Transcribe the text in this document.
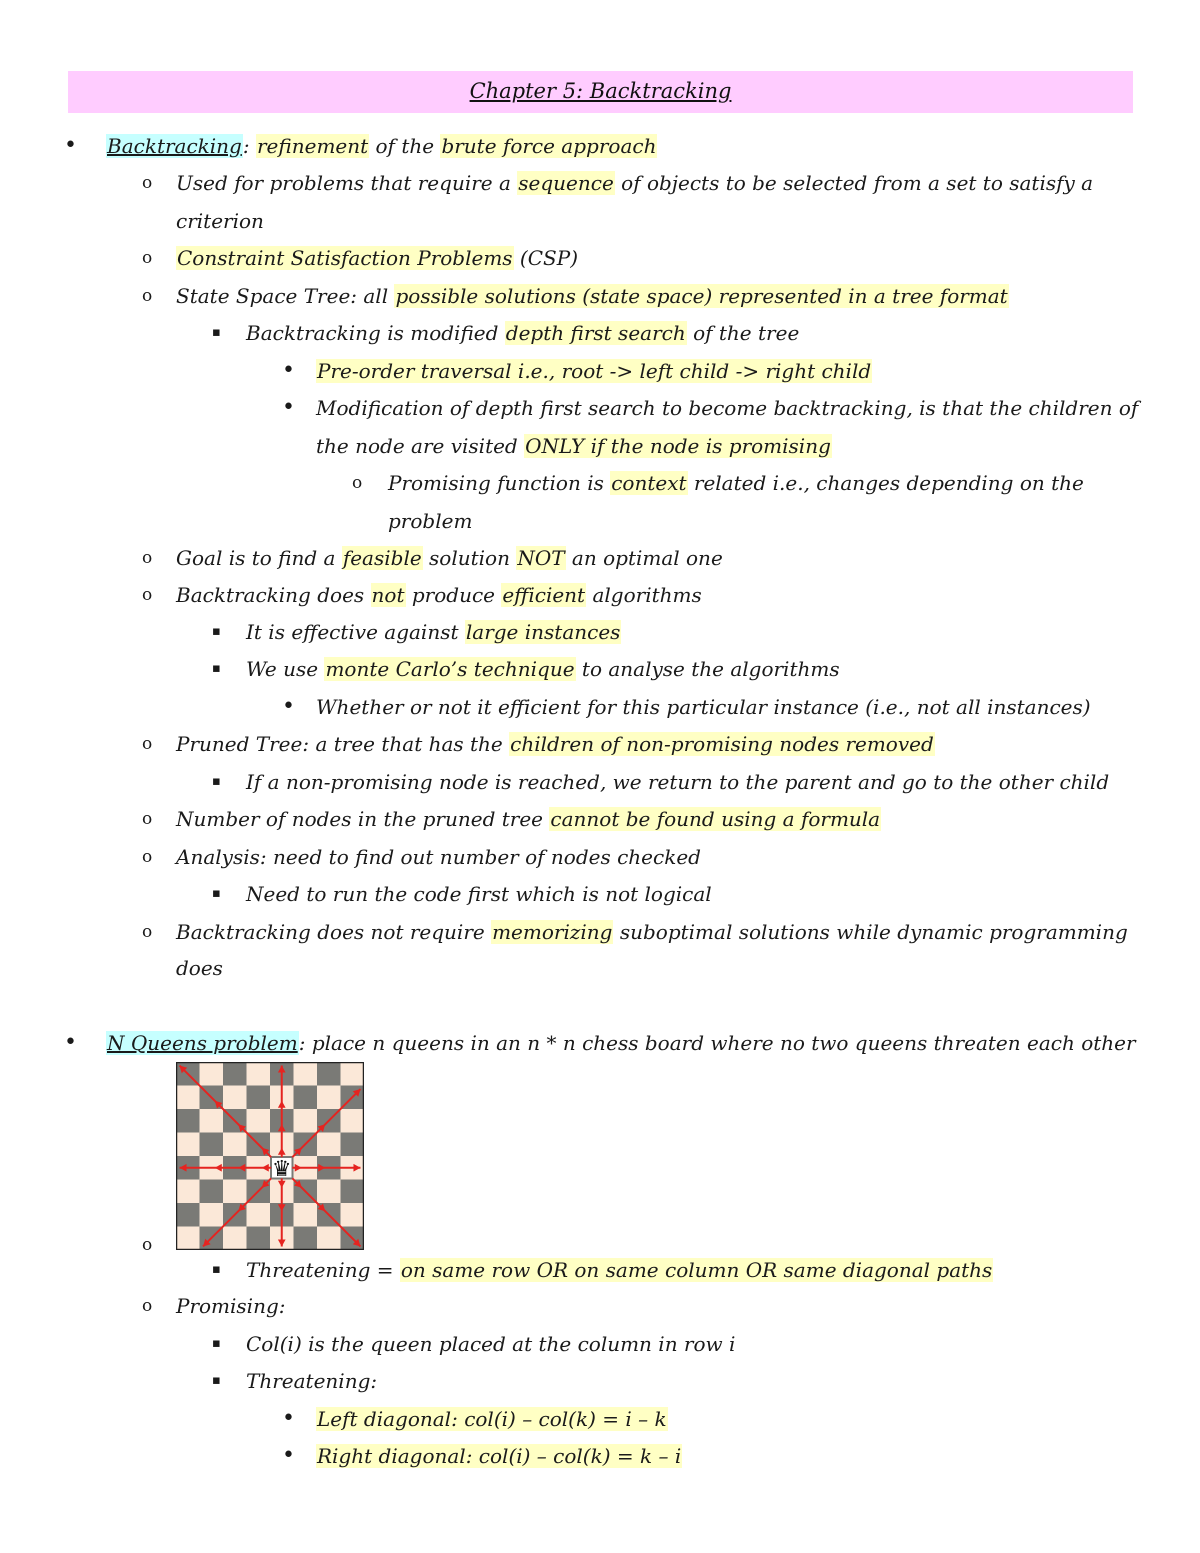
Chapter 5: Backtracking
• Backtracking: refinement of the brute force approach
o Used for problems that require a sequence of objects to be selected from a set to satisfy a
criterion
o Constraint Satisfaction Problems (CSP)
o State Space Tree: all possible solutions (state space) represented in a tree format
▪ Backtracking is modified depth first search of the tree
• Pre-order traversal i.e., root -> left child -> right child
• Modification of depth first search to become backtracking, is that the children of
the node are visited ONLY if the node is promising
o Promising function is context related i.e., changes depending on the
problem
o Goal is to find a feasible solution NOT an optimal one
o Backtracking does not produce efficient algorithms
▪ It is effective against large instances
▪ We use monte Carlo’s technique to analyse the algorithms
• Whether or not it efficient for this particular instance (i.e., not all instances)
o Pruned Tree: a tree that has the children of non-promising nodes removed
▪ If a non-promising node is reached, we return to the parent and go to the other child
o Number of nodes in the pruned tree cannot be found using a formula
o Analysis: need to find out number of nodes checked
▪ Need to run the code first which is not logical
o Backtracking does not require memorizing suboptimal solutions while dynamic programming
does
• N Queens problem: place n queens in an n * n chess board where no two queens threaten each other
♛
o
▪ Threatening = on same row OR on same column OR same diagonal paths
o Promising:
▪ Col(i) is the queen placed at the column in row i
▪ Threatening:
• Left diagonal: col(i) – col(k) = i – k
• Right diagonal: col(i) – col(k) = k – i
